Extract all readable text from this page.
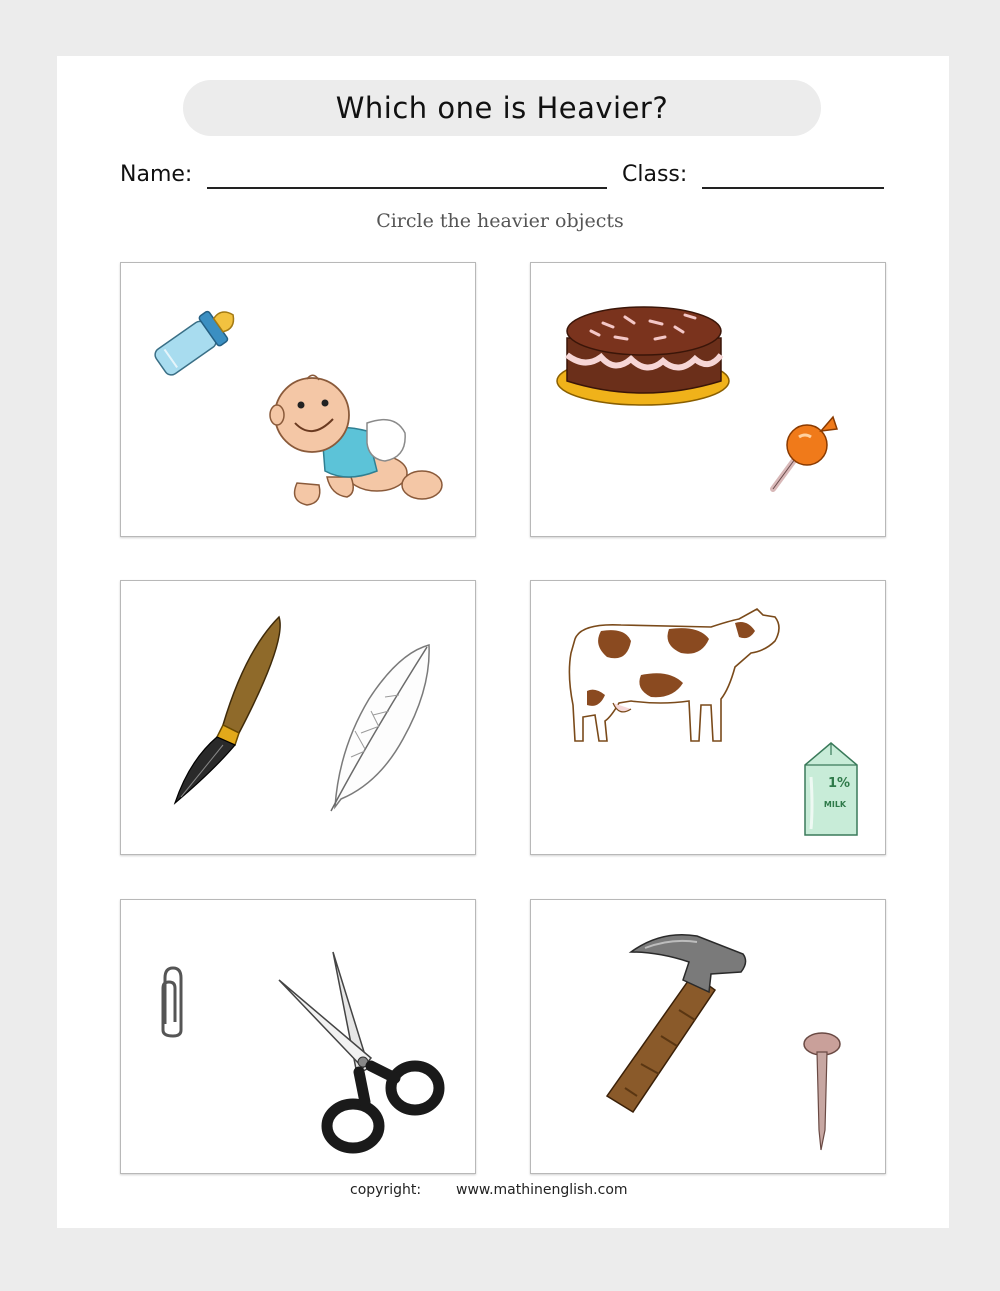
Which one is Heavier?
Name:	Class:
Circle the heavier objects
1%
MILK
copyright: www.mathinenglish.com
